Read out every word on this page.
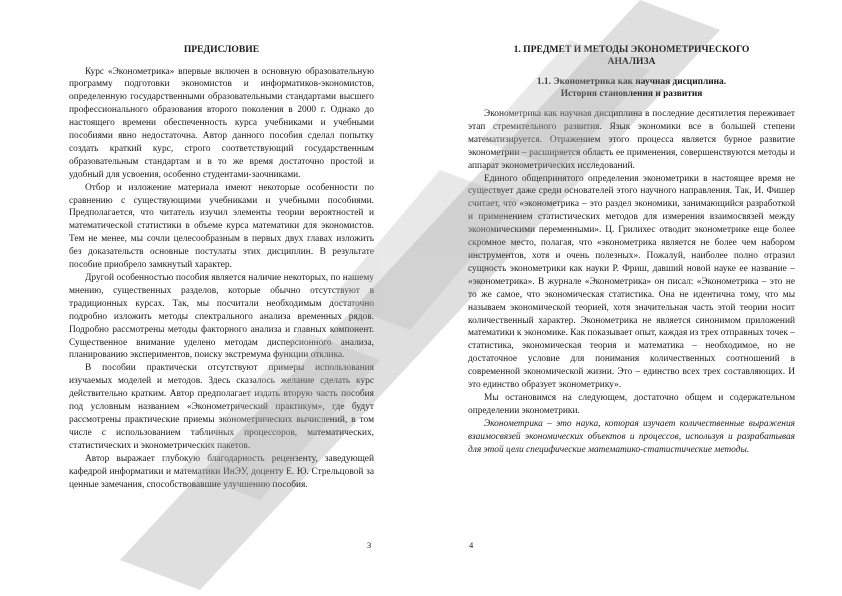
ПРЕДИСЛОВИЕ

Курс «Эконометрика» впервые включен в основную образовательную программу подготовки экономистов и информатиков-экономистов, определенную государственными образовательными стандартами высшего профессионального образования второго поколения в 2000 г. Однако до настоящего времени обеспеченность курса учебниками и учебными пособиями явно недостаточна. Автор данного пособия сделал попытку создать краткий курс, строго соответствующий государственным образовательным стандартам и в то же время достаточно простой и удобный для усвоения, особенно студентами-заочниками.

Отбор и изложение материала имеют некоторые особенности по сравнению с существующими учебниками и учебными пособиями. Предполагается, что читатель изучил элементы теории вероятностей и математической статистики в объеме курса математики для экономистов. Тем не менее, мы сочли целесообразным в первых двух главах изложить без доказательств основные постулаты этих дисциплин. В результате пособие приобрело замкнутый характер.

Другой особенностью пособия является наличие некоторых, по нашему мнению, существенных разделов, которые обычно отсутствуют в традиционных курсах. Так, мы посчитали необходимым достаточно подробно изложить методы спектрального анализа временных рядов. Подробно рассмотрены методы факторного анализа и главных компонент. Существенное внимание уделено методам дисперсионного анализа, планированию экспериментов, поиску экстремума функции отклика.

В пособии практически отсутствуют примеры использования изучаемых моделей и методов. Здесь сказалось желание сделать курс действительно кратким. Автор предполагает издать вторую часть пособия под условным названием «Эконометрический практикум», где будут рассмотрены практические приемы эконометрических вычислений, в том числе с использованием табличных процессоров, математических, статистических и эконометрических пакетов.

Автор выражает глубокую благодарность рецензенту, заведующей кафедрой информатики и математики ИнЭУ, доценту Е. Ю. Стрельцовой за ценные замечания, способствовавшие улучшению пособия.

3
1. ПРЕДМЕТ И МЕТОДЫ ЭКОНОМЕТРИЧЕСКОГО АНАЛИЗА
1.1. Эконометрика как научная дисциплина. История становления и развития

Эконометрика как научная дисциплина в последние десятилетия переживает этап стремительного развития. Язык экономики все в большей степени математизируется. Отражением этого процесса является бурное развитие эконометрии – расширяется область ее применения, совершенствуются методы и аппарат эконометрических исследований.

Единого общепринятого определения эконометрики в настоящее время не существует даже среди основателей этого научного направления. Так, И. Фишер считает, что «эконометрика – это раздел экономики, занимающийся разработкой и применением статистических методов для измерения взаимосвязей между экономическими переменными». Ц. Грилихес отводит эконометрике еще более скромное место, полагая, что «эконометрика является не более чем набором инструментов, хотя и очень полезных». Пожалуй, наиболее полно отразил сущность эконометрики как науки Р. Фриш, давший новой науке ее название – «эконометрика». В журнале «Эконометрика» он писал: «Эконометрика – это не то же самое, что экономическая статистика. Она не идентична тому, что мы называем экономической теорией, хотя значительная часть этой теории носит количественный характер. Эконометрика не является синонимом приложений математики к экономике. Как показывает опыт, каждая из трех отправных точек – статистика, экономическая теория и математика – необходимое, но не достаточное условие для понимания количественных соотношений в современной экономической жизни. Это – единство всех трех составляющих. И это единство образует эконометрику».

Мы остановимся на следующем, достаточно общем и содержательном определении эконометрики.

Эконометрика – это наука, которая изучает количественные выражения взаимосвязей экономических объектов и процессов, используя и разрабатывая для этой цели специфические математико-статистические методы.

4
